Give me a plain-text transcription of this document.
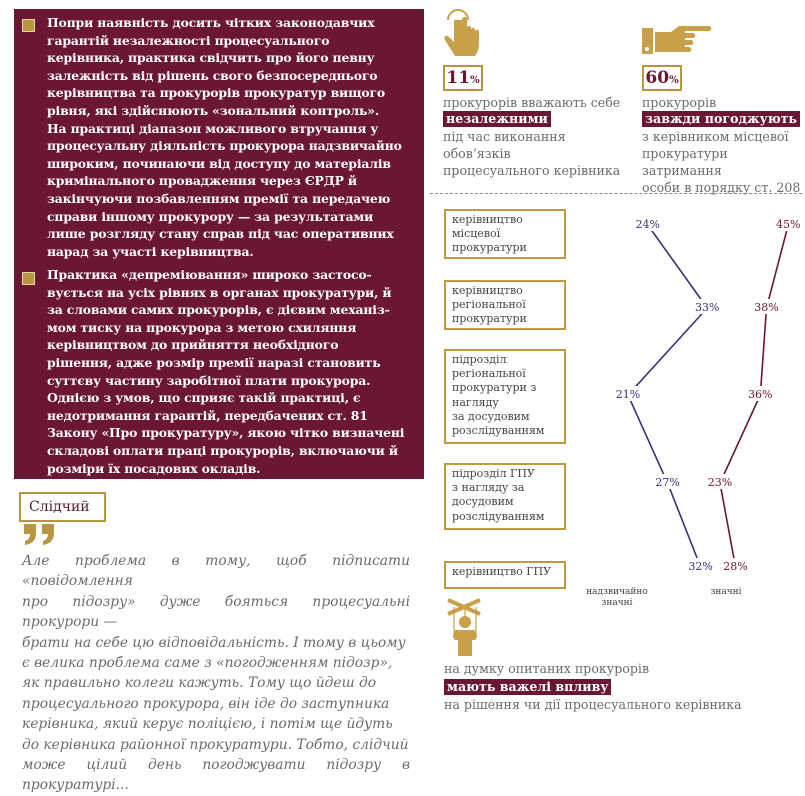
Попри наявність досить чітких законодавчих
гарантій незалежності процесуального
керівника, практика свідчить про його певну
залежність від рішень свого безпосереднього
керівництва та прокурорів прокуратур вищого
рівня, які здійснюють «зональний контроль».
На практиці діапазон можливого втручання у
процесуальну діяльність прокурора надзвичайно
широким, починаючи від доступу до матеріалів
кримінального провадження через ЄРДР й
закінчуючи позбавленням премії та передачею
справи іншому прокурору — за результатами
лише розгляду стану справ під час оперативних
нарад за участі керівництва.
Практика «депреміювання» широко застосо-
вується на усіх рівнях в органах прокуратури, й
за словами самих прокурорів, є дієвим механіз-
мом тиску на прокурора з метою схиляння
керівництвом до прийняття необхідного
рішення, адже розмір премії наразі становить
суттєву частину заробітної плати прокурора.
Однією з умов, що сприяє такій практиці, є
недотримання гарантій, передбачених ст. 81
Закону «Про прокуратуру», якою чітко визначені
складові оплати праці прокурорів, включаючи й
розміри їх посадових окладів.
Слідчий
Але проблема в тому, щоб підписати «повідомлення
про підозру» дуже бояться процесуальні прокурори —
брати на себе цю відповідальність. І тому в цьому
є велика проблема саме з «погодженням підозр»,
як правильно колеги кажуть. Тому що йдеш до
процесуального прокурора, він іде до заступника
керівника, який керує поліцією, і потім ще йдуть
до керівника районної прокуратури. Тобто, слідчий
може цілий день погоджувати підозру в прокуратурі...
11%
прокурорів вважають себе
незалежними
під час виконання
обов’язків
процесуального керівника
60%
прокурорів
завжди погоджують
з керівником місцевої
прокуратури затримання
особи в порядку ст. 208
керівництво
місцевої
прокуратури
керівництво
регіональної
прокуратури
підрозділ
регіональної
прокуратури з
нагляду
за досудовим
розслідуванням
підрозділ ГПУ
з нагляду за
досудовим
розслідуванням
керівництво ГПУ
24%
33%
21%
27%
32%
45%
38%
36%
23%
28%
надзвичайно значні
значні
на думку опитаних прокурорів
мають важелі впливу
на рішення чи дії процесуального керівника
